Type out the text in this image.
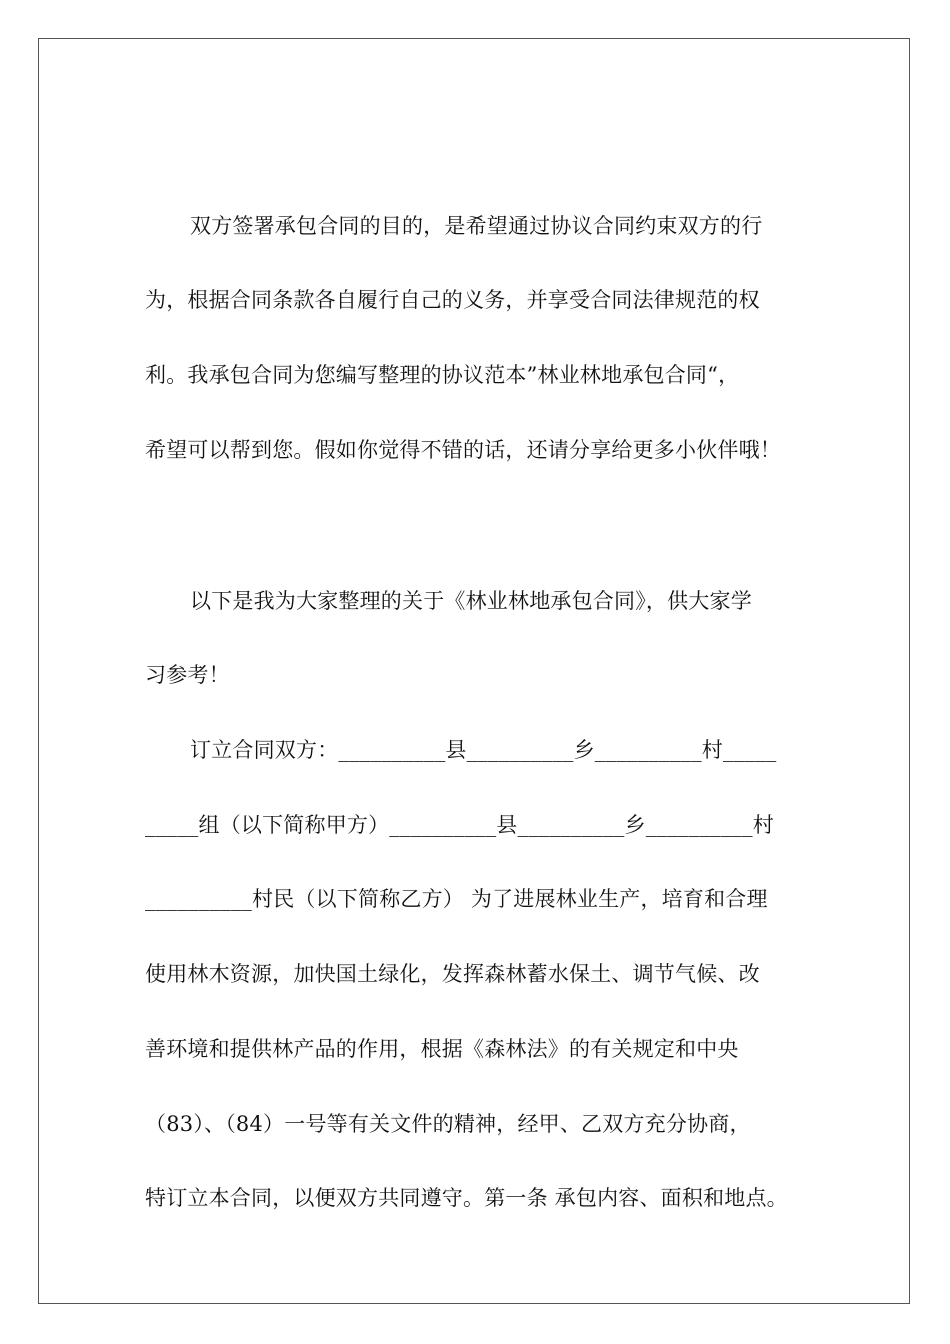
双方签署承包合同的目的，是希望通过协议合同约束双方的行
为，根据合同条款各自履行自己的义务，并享受合同法律规范的权
利。我承包合同为您编写整理的协议范本”林业林地承包合同“，
希望可以帮到您。假如你觉得不错的话，还请分享给更多小伙伴哦！
以下是我为大家整理的关于《林业林地承包合同》，供大家学
习参考！
订立合同双方：__________县__________乡__________村_____
_____组（以下简称甲方）__________县__________乡__________村
__________村民（以下简称乙方） 为了进展林业生产，培育和合理
使用林木资源，加快国土绿化，发挥森林蓄水保土、调节气候、改
善环境和提供林产品的作用，根据《森林法》的有关规定和中央
（83）、（84）一号等有关文件的精神，经甲、乙双方充分协商，
特订立本合同，以便双方共同遵守。第一条 承包内容、面积和地点。
